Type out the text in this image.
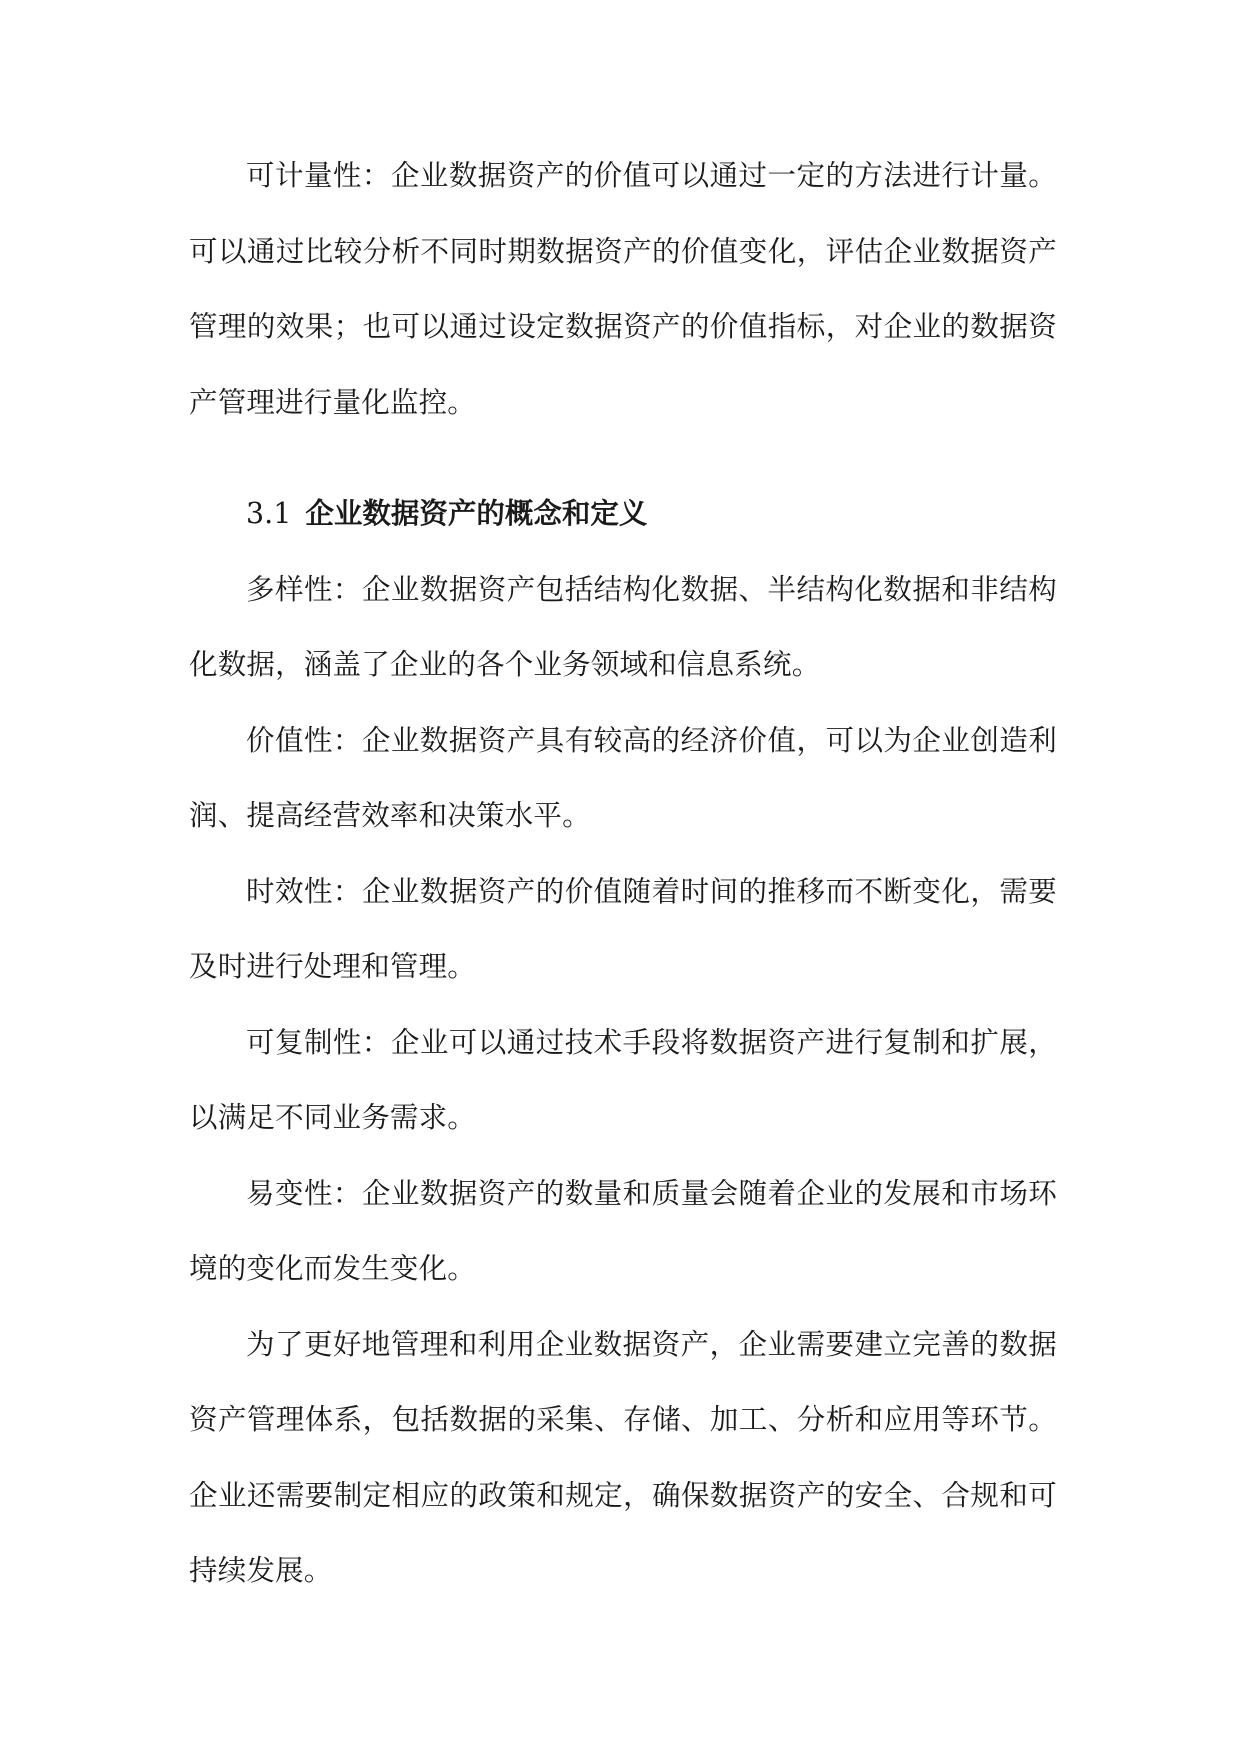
可计量性：企业数据资产的价值可以通过一定的方法进行计量。可以通过比较分析不同时期数据资产的价值变化，评估企业数据资产管理的效果；也可以通过设定数据资产的价值指标，对企业的数据资产管理进行量化监控。

3.1 企业数据资产的概念和定义

多样性：企业数据资产包括结构化数据、半结构化数据和非结构化数据，涵盖了企业的各个业务领域和信息系统。

价值性：企业数据资产具有较高的经济价值，可以为企业创造利润、提高经营效率和决策水平。

时效性：企业数据资产的价值随着时间的推移而不断变化，需要及时进行处理和管理。

可复制性：企业可以通过技术手段将数据资产进行复制和扩展，以满足不同业务需求。

易变性：企业数据资产的数量和质量会随着企业的发展和市场环境的变化而发生变化。

为了更好地管理和利用企业数据资产，企业需要建立完善的数据资产管理体系，包括数据的采集、存储、加工、分析和应用等环节。企业还需要制定相应的政策和规定，确保数据资产的安全、合规和可持续发展。
